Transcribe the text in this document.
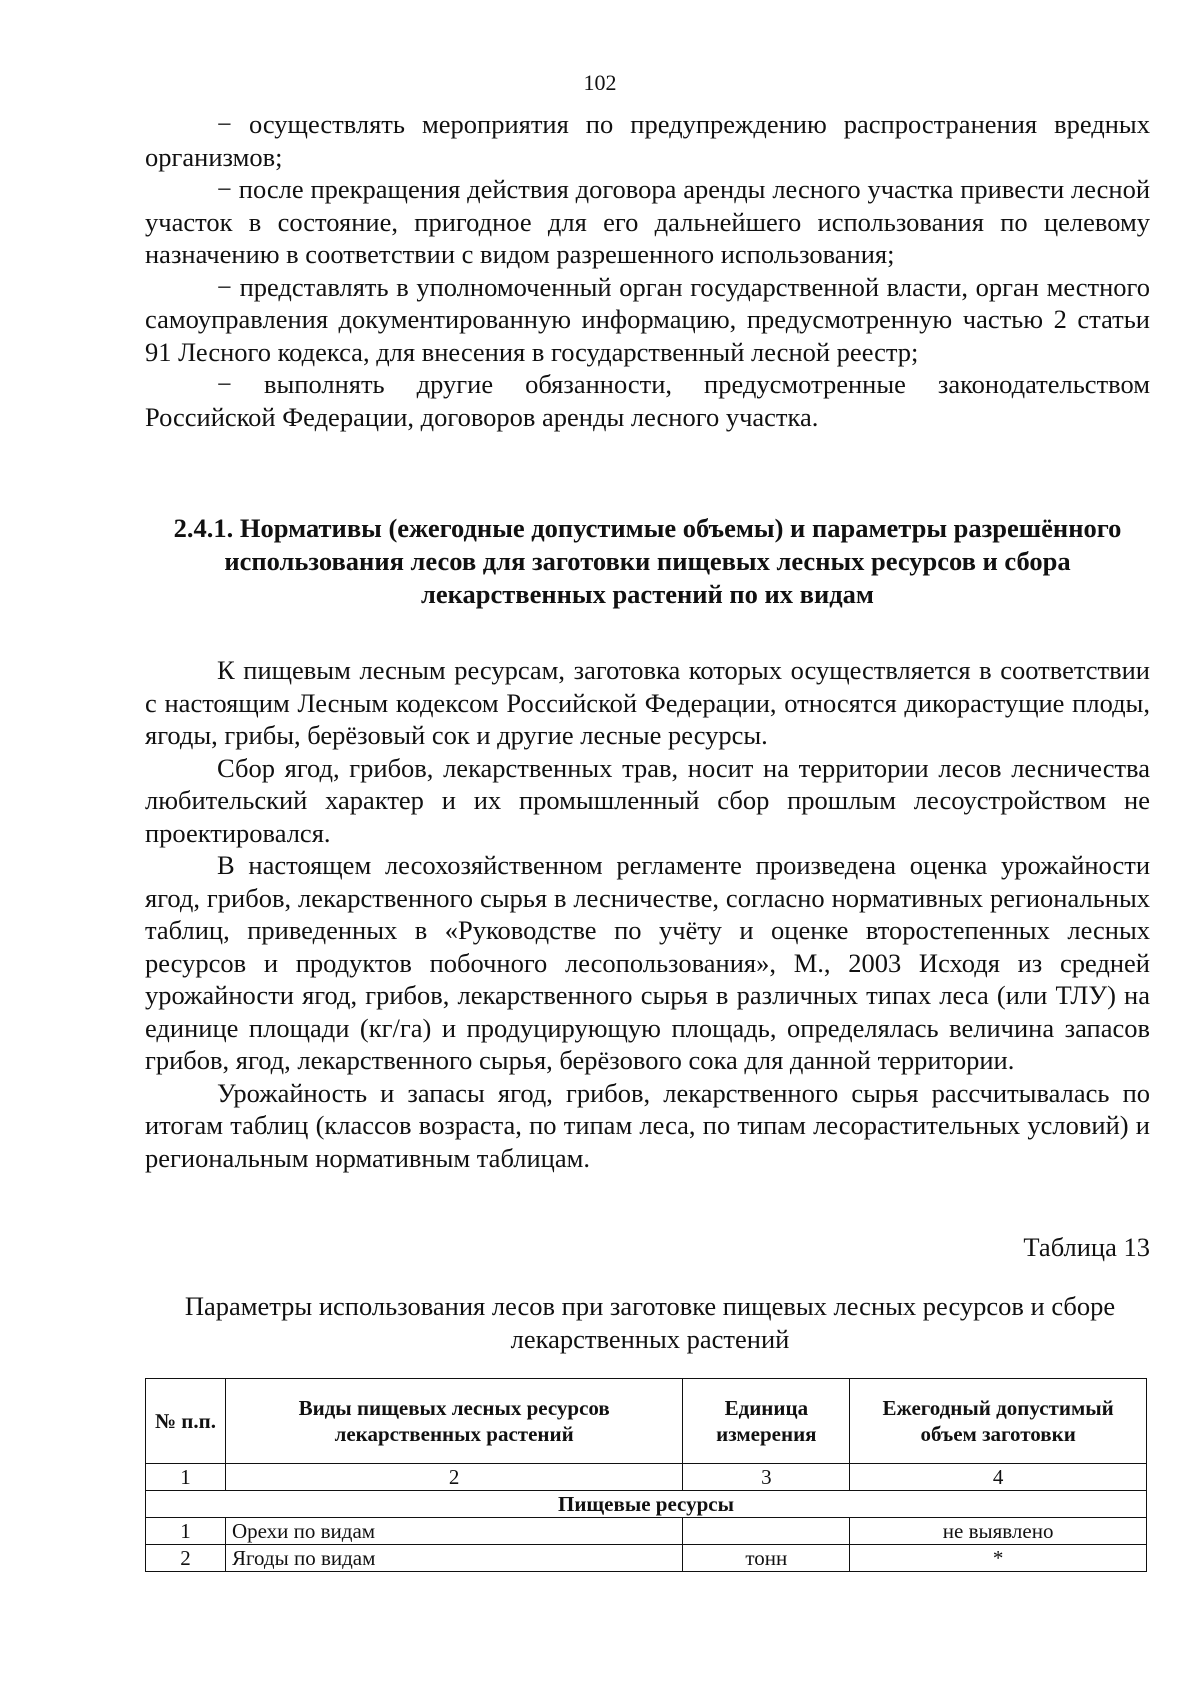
102

− осуществлять мероприятия по предупреждению распространения вредных организмов;

− после прекращения действия договора аренды лесного участка привести лесной участок в состояние, пригодное для его дальнейшего использования по целевому назначению в соответствии с видом разрешенного использования;

− представлять в уполномоченный орган государственной власти, орган местного самоуправления документированную информацию, предусмотренную частью 2 статьи 91 Лесного кодекса, для внесения в государственный лесной реестр;

− выполнять другие обязанности, предусмотренные законодательством Российской Федерации, договоров аренды лесного участка.

2.4.1. Нормативы (ежегодные допустимые объемы) и параметры разрешённого использования лесов для заготовки пищевых лесных ресурсов и сбора лекарственных растений по их видам

К пищевым лесным ресурсам, заготовка которых осуществляется в соответствии с настоящим Лесным кодексом Российской Федерации, относятся дикорастущие плоды, ягоды, грибы, берёзовый сок и другие лесные ресурсы.

Сбор ягод, грибов, лекарственных трав, носит на территории лесов лесничества любительский характер и их промышленный сбор прошлым лесоустройством не проектировался.

В настоящем лесохозяйственном регламенте произведена оценка урожайности ягод, грибов, лекарственного сырья в лесничестве, согласно нормативных региональных таблиц, приведенных в «Руководстве по учёту и оценке второстепенных лесных ресурсов и продуктов побочного лесопользования», М., 2003 Исходя из средней урожайности ягод, грибов, лекарственного сырья в различных типах леса (или ТЛУ) на единице площади (кг/га) и продуцирующую площадь, определялась величина запасов грибов, ягод, лекарственного сырья, берёзового сока для данной территории.

Урожайность и запасы ягод, грибов, лекарственного сырья рассчитывалась по итогам таблиц (классов возраста, по типам леса, по типам лесорастительных условий) и региональным нормативным таблицам.

Таблица 13

Параметры использования лесов при заготовке пищевых лесных ресурсов и сборе лекарственных растений

№ п.п.	Виды пищевых лесных ресурсов лекарственных растений	Единица измерения	Ежегодный допустимый объем заготовки
1	2	3	4
Пищевые ресурсы			
1	Орехи по видам		не выявлено
2	Ягоды по видам	тонн	*
